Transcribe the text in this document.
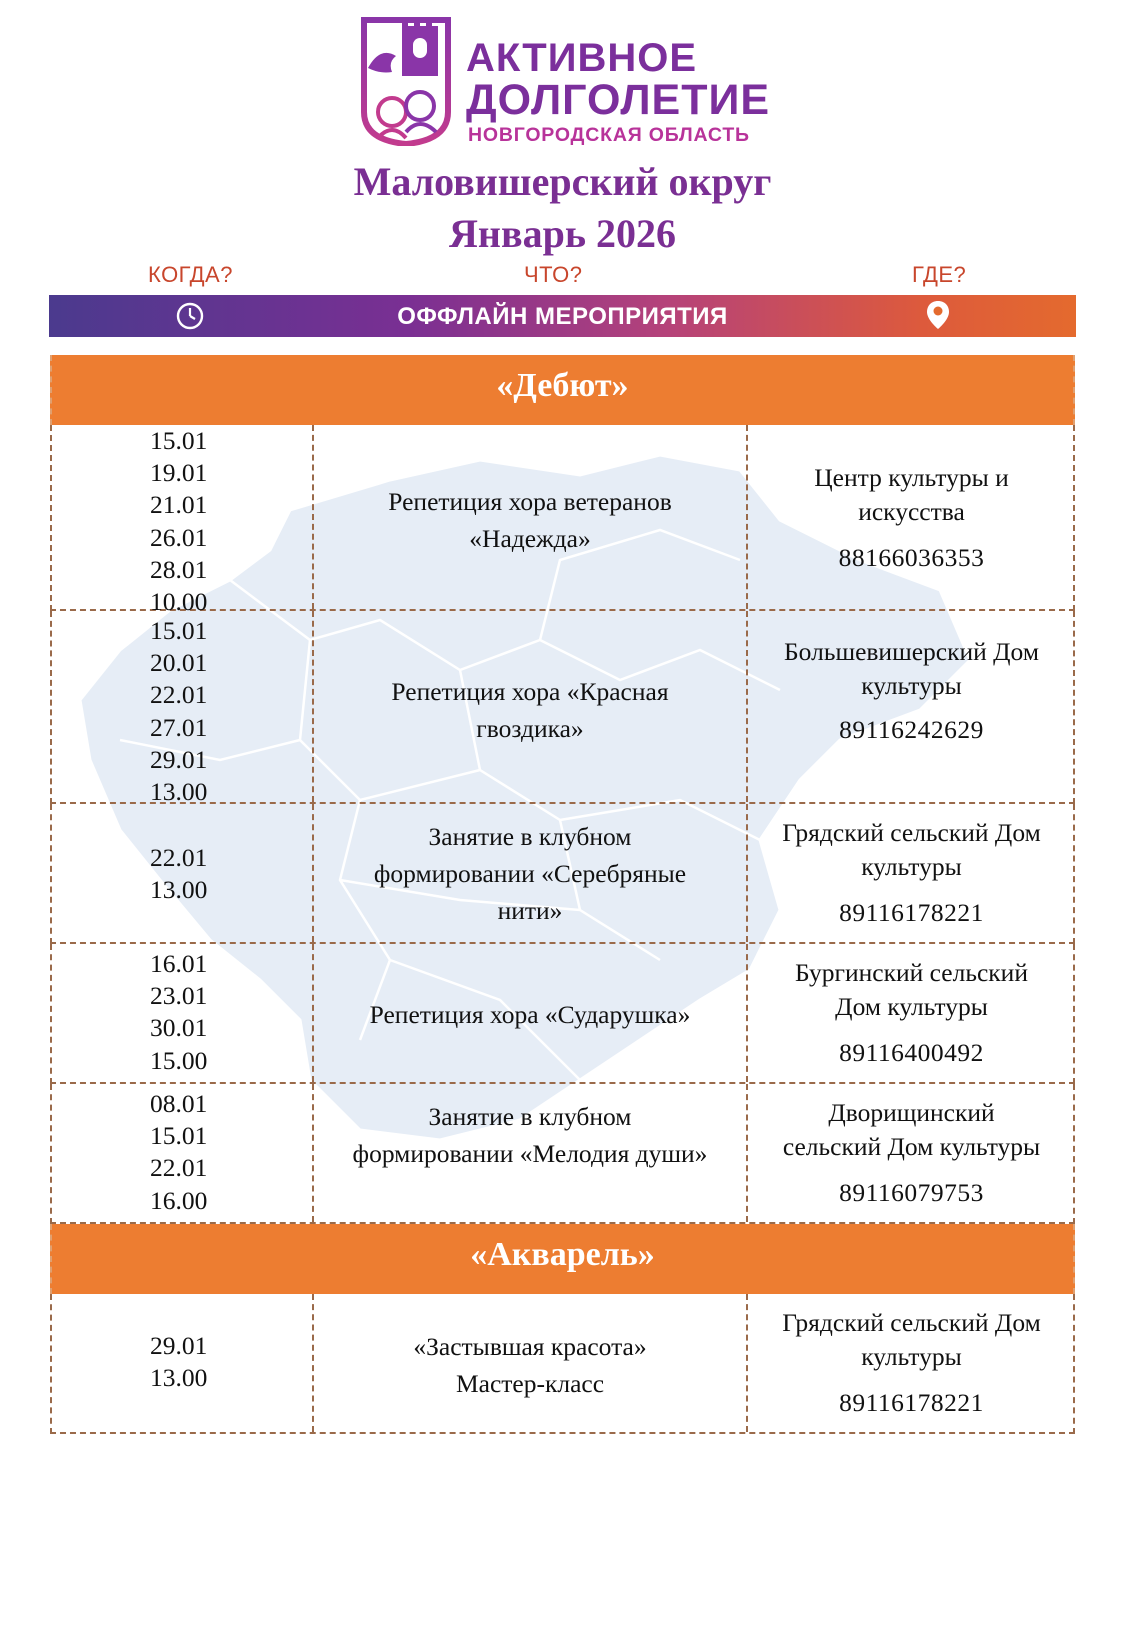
АКТИВНОЕ
ДОЛГОЛЕТИЕ
НОВГОРОДСКАЯ ОБЛАСТЬ
Маловишерский округ
Январь 2026
КОГДА?	ЧТО?	ГДЕ?
ОФФЛАЙН МЕРОПРИЯТИЯ
«Дебют»
15.01
19.01
21.01
26.01
28.01
10.00
Репетиция хора ветеранов
«Надежда»
Центр культуры и
искусства
88166036353
15.01
20.01
22.01
27.01
29.01
13.00
Репетиция хора «Красная
гвоздика»
Большевишерский Дом
культуры
89116242629
22.01
13.00
Занятие в клубном
формировании «Серебряные
нити»
Грядский сельский Дом
культуры
89116178221
16.01
23.01
30.01
15.00
Репетиция хора «Сударушка»
Бургинский сельский
Дом культуры
89116400492
08.01
15.01
22.01
16.00
Занятие в клубном
формировании «Мелодия души»
Дворищинский
сельский Дом культуры
89116079753
«Акварель»
29.01
13.00
«Застывшая красота»
Мастер-класс
Грядский сельский Дом
культуры
89116178221
